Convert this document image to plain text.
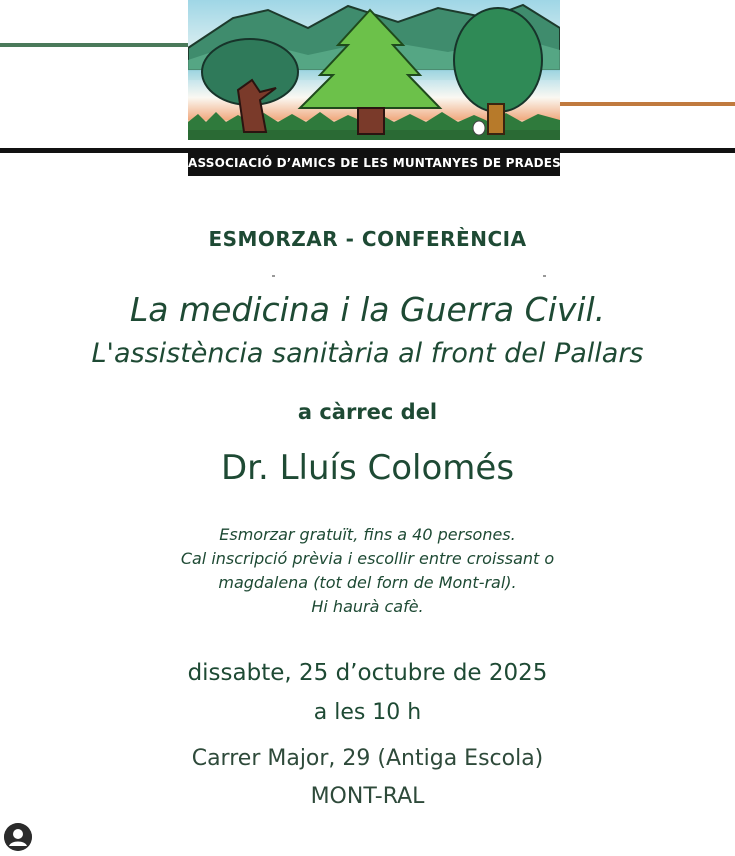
ASSOCIACIÓ D’AMICS DE LES MUNTANYES DE PRADES
ESMORZAR - CONFERÈNCIA
La medicina i la Guerra Civil.
L'assistència sanitària al front del Pallars
a càrrec del
Dr. Lluís Colomés
Esmorzar gratuït, fins a 40 persones.
Cal inscripció prèvia i escollir entre croissant o
magdalena (tot del forn de Mont-ral).
Hi haurà cafè.
dissabte, 25 d’octubre de 2025
a les 10 h
Carrer Major, 29 (Antiga Escola)
MONT-RAL
